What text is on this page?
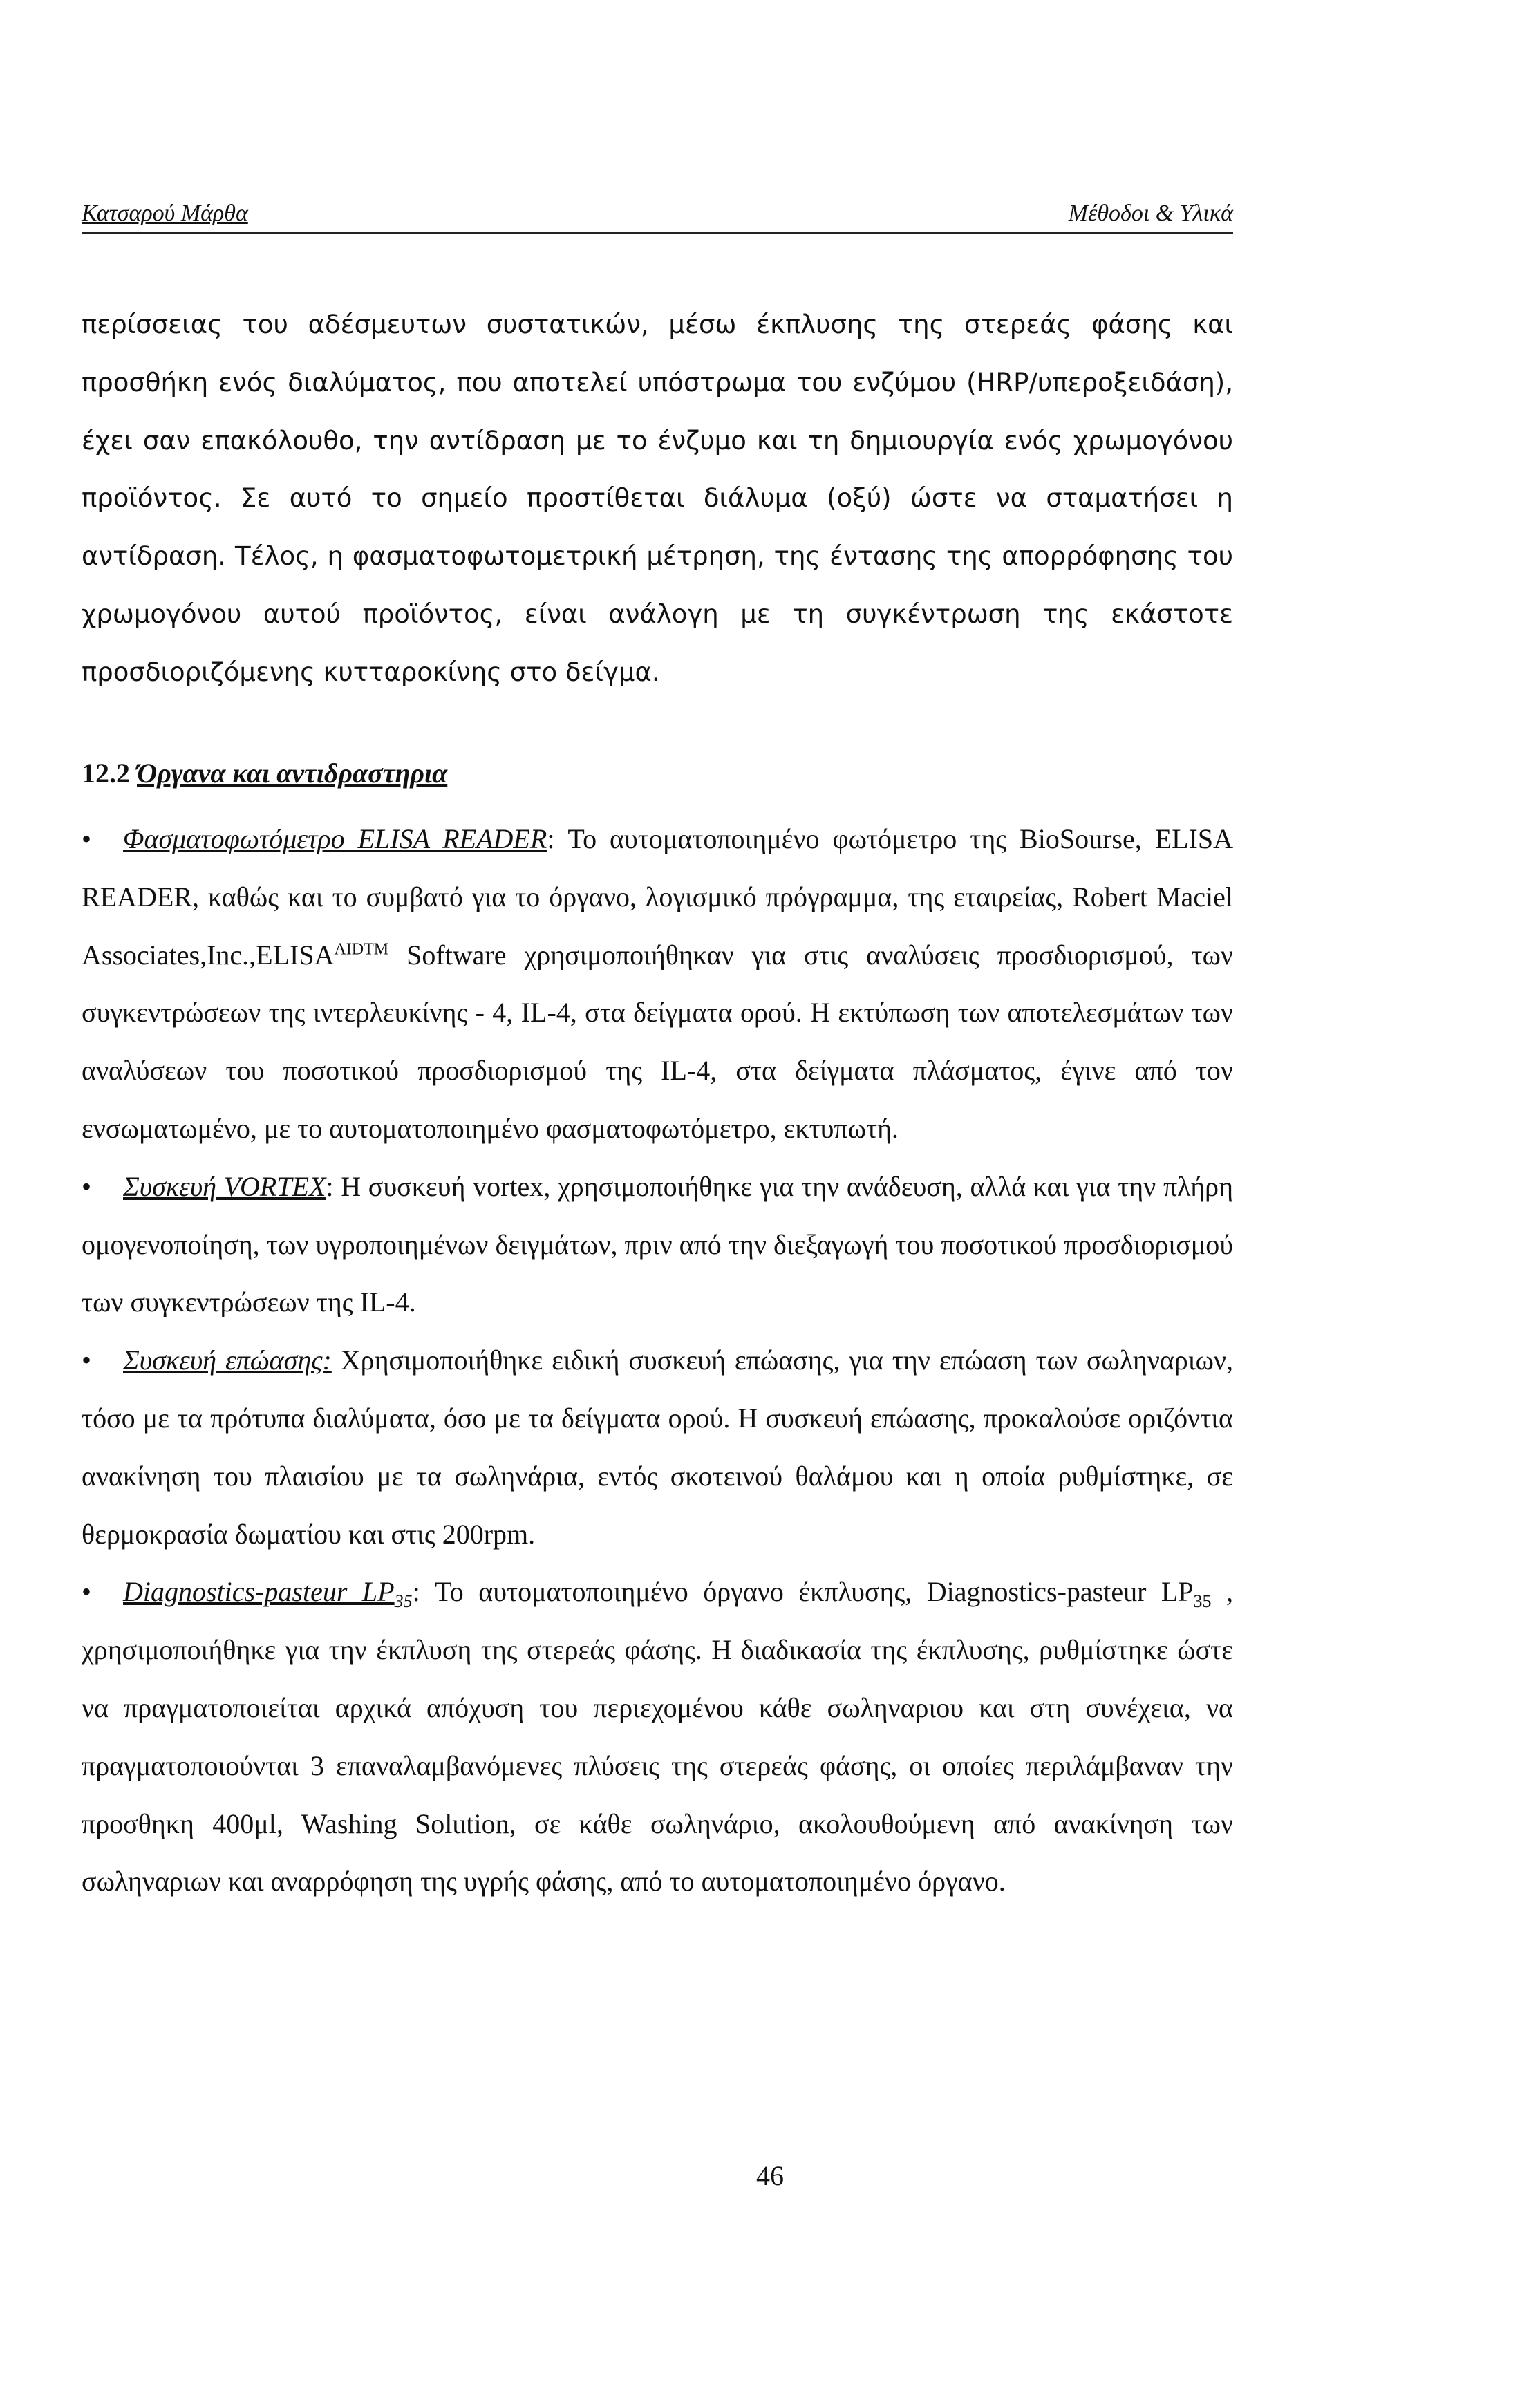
Κατσαρού Μάρθα	Μέθοδοι & Υλικά
περίσσειας του αδέσμευτων συστατικών, μέσω έκπλυσης της στερεάς φάσης και προσθήκη ενός διαλύματος, που αποτελεί υπόστρωμα του ενζύμου (HRP/υπεροξειδάση), έχει σαν επακόλουθο, την αντίδραση με το ένζυμο και τη δημιουργία ενός χρωμογόνου προϊόντος. Σε αυτό το σημείο προστίθεται διάλυμα (οξύ) ώστε να σταματήσει η αντίδραση. Τέλος, η φασματοφωτομετρική μέτρηση, της έντασης της απορρόφησης του χρωμογόνου αυτού προϊόντος, είναι ανάλογη με τη συγκέντρωση της εκάστοτε προσδιοριζόμενης κυτταροκίνης στο δείγμα.
12.2 Όργανα και αντιδραστηρια
• Φασματοφωτόμετρο ELISA READER: Το αυτοματοποιημένο φωτόμετρο της BioSourse, ELISA READER, καθώς και το συμβατό για το όργανο, λογισμικό πρόγραμμα, της εταιρείας, Robert Maciel $Associates,Inc.,ELISA^{AIDTM}$ Software χρησιμοποιήθηκαν για στις αναλύσεις προσδιορισμού, των συγκεντρώσεων της ιντερλευκίνης - 4, IL-4, στα δείγματα ορού. Η εκτύπωση των αποτελεσμάτων των αναλύσεων του ποσοτικού προσδιορισμού της IL-4, στα δείγματα πλάσματος, έγινε από τον ενσωματωμένο, με το αυτοματοποιημένο φασματοφωτόμετρο, εκτυπωτή.
• Συσκευή VORTEX: Η συσκευή vortex, χρησιμοποιήθηκε για την ανάδευση, αλλά και για την πλήρη ομογενοποίηση, των υγροποιημένων δειγμάτων, πριν από την διεξαγωγή του ποσοτικού προσδιορισμού των συγκεντρώσεων της IL-4.
• Συσκευή επώασης: Χρησιμοποιήθηκε ειδική συσκευή επώασης, για την επώαση των σωληναριων, τόσο με τα πρότυπα διαλύματα, όσο με τα δείγματα ορού. Η συσκευή επώασης, προκαλούσε οριζόντια ανακίνηση του πλαισίου με τα σωληνάρια, εντός σκοτεινού θαλάμου και η οποία ρυθμίστηκε, σε θερμοκρασία δωματίου και στις 200rpm.
• Diagnostics-pasteur $LP_{35}$: Το αυτοματοποιημένο όργανο έκπλυσης, Diagnostics-pasteur $LP_{35}$ , χρησιμοποιήθηκε για την έκπλυση της στερεάς φάσης. Η διαδικασία της έκπλυσης, ρυθμίστηκε ώστε να πραγματοποιείται αρχικά απόχυση του περιεχομένου κάθε σωληναριου και στη συνέχεια, να πραγματοποιούνται 3 επαναλαμβανόμενες πλύσεις της στερεάς φάσης, οι οποίες περιλάμβαναν την προσθηκη 400μl, Washing Solution, σε κάθε σωληνάριο, ακολουθούμενη από ανακίνηση των σωληναριων και αναρρόφηση της υγρής φάσης, από το αυτοματοποιημένο όργανο.
46
